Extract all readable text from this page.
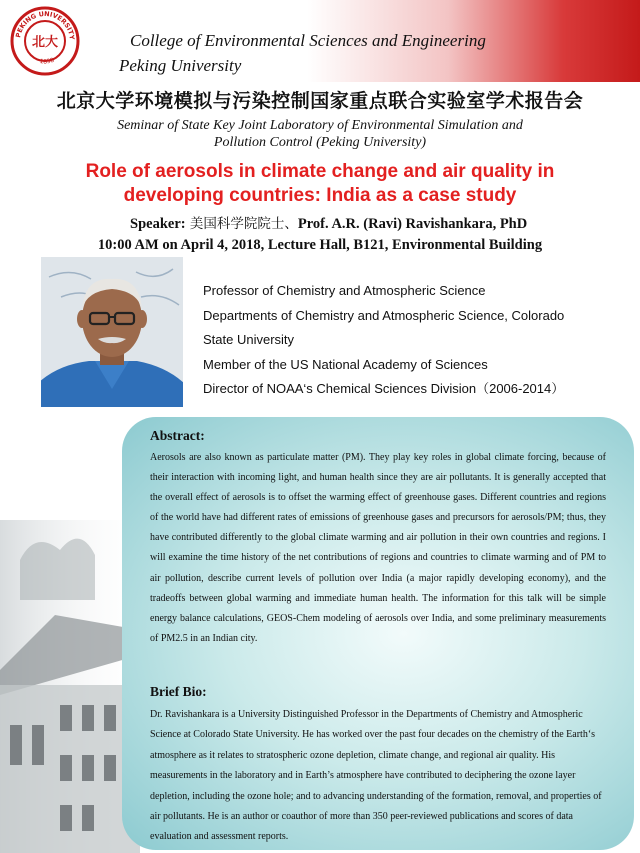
PEKING UNIVERSITY
1898
北大	College of Environmental Sciences and Engineering
Peking University
北京大学环境模拟与污染控制国家重点联合实验室学术报告会
Seminar of State Key Joint Laboratory of Environmental Simulation and
Pollution Control (Peking University)
Role of aerosols in climate change and air quality in
developing countries: India as a case study
Speaker: 美国科学院院士、Prof. A.R. (Ravi) Ravishankara, PhD
10:00 AM on April 4, 2018, Lecture Hall, B121, Environmental Building
Professor of Chemistry and Atmospheric Science
Departments of Chemistry and Atmospheric Science, Colorado
State University
Member of the US National Academy of Sciences
Director of NOAA‘s Chemical Sciences Division（2006-2014）
Abstract:
Aerosols are also known as particulate matter (PM). They play key roles in global climate forcing, because of their interaction with incoming light, and human health since they are air pollutants. It is generally accepted that the overall effect of aerosols is to offset the warming effect of greenhouse gases. Different countries and regions of the world have had different rates of emissions of greenhouse gases and precursors for aerosols/PM; thus, they have contributed differently to the global climate warming and air pollution in their own countries and regions. I will examine the time history of the net contributions of regions and countries to climate warming and of PM to air pollution, describe current levels of pollution over India (a major rapidly developing economy), and the tradeoffs between global warming and immediate human health. The information for this talk will be simple energy balance calculations, GEOS-Chem modeling of aerosols over India, and some preliminary measurements of PM2.5 in an Indian city.
Brief Bio:
Dr. Ravishankara is a University Distinguished Professor in the Departments of Chemistry and Atmospheric Science at Colorado State University. He has worked over the past four decades on the chemistry of the Earth‘s atmosphere as it relates to stratospheric ozone depletion, climate change, and regional air quality. His measurements in the laboratory and in Earth’s atmosphere have contributed to deciphering the ozone layer depletion, including the ozone hole; and to advancing understanding of the formation, removal, and properties of air pollutants. He is an author or coauthor of more than 350 peer-reviewed publications and scores of data evaluation and assessment reports.
